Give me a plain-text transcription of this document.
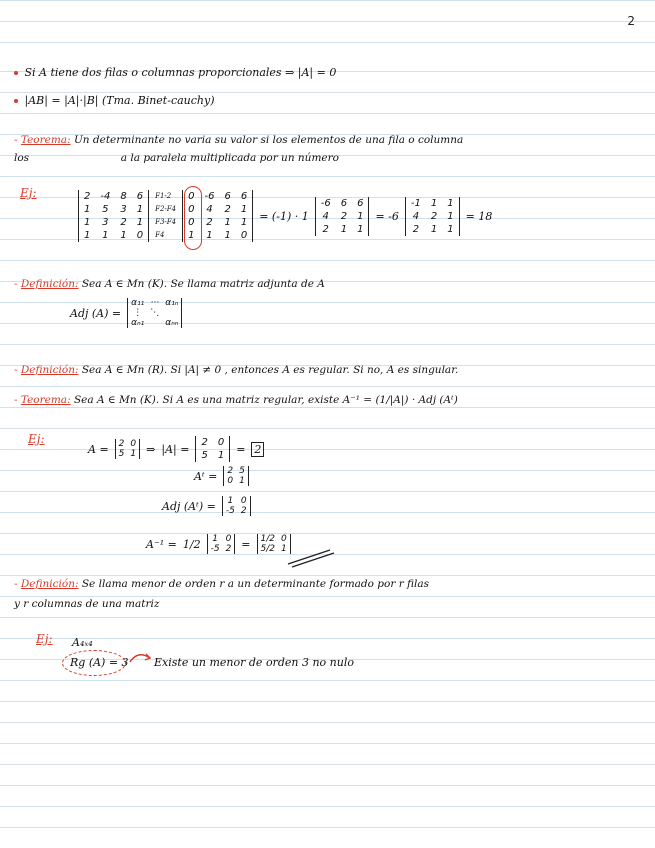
2
Si A tiene dos filas o columnas proporcionales ⇒ |A| = 0
|AB| = |A|·|B| (Tma. Binet-cauchy)
- Teorema: Un determinante no varia su valor si los elementos de una fila o columna
los	a la paralela multiplicada por un número
Ej:	2	-4	8	6
1	5	3	1
1	3	2	1
1	1	1	0
F1-2
F2-F4
F3-F4
F4
0	-6	6	6
0	4	2	1
0	2	1	1
1	1	1	0
= (-1) · 1
-6	6	6
4	2	1
2	1	1
= -6
-1	1	1
4	2	1
2	1	1
= 18
- Definición: Sea A ∈ Mn (K). Se llama matriz adjunta de A
Adj (A) =
α₁₁	···	α₁ₙ
⋮	⋱	
αₙ₁		αₙₙ
- Definición: Sea A ∈ Mn (R). Si |A| ≠ 0 , entonces A es regular. Si no, A es singular.
- Teorema: Sea A ∈ Mn (K). Si A es una matriz regular, existe A⁻¹ = (1/|A|) · Adj (Aᵗ)
Ej:
A = 2	0
5	1 ⇒ |A| = 2	0
5	1 = 2
Aᵗ = 2	5
0	1
Adj (Aᵗ) = 1	0
-5	2
A⁻¹ = 1/2 1	0
-5	2 = 1/2	0
5/2	1
- Definición: Se llama menor de orden r a un determinante formado por r filas
y r columnas de una matriz
Ej: A₄ₓ₄
Rg (A) = 3 Existe un menor de orden 3 no nulo
